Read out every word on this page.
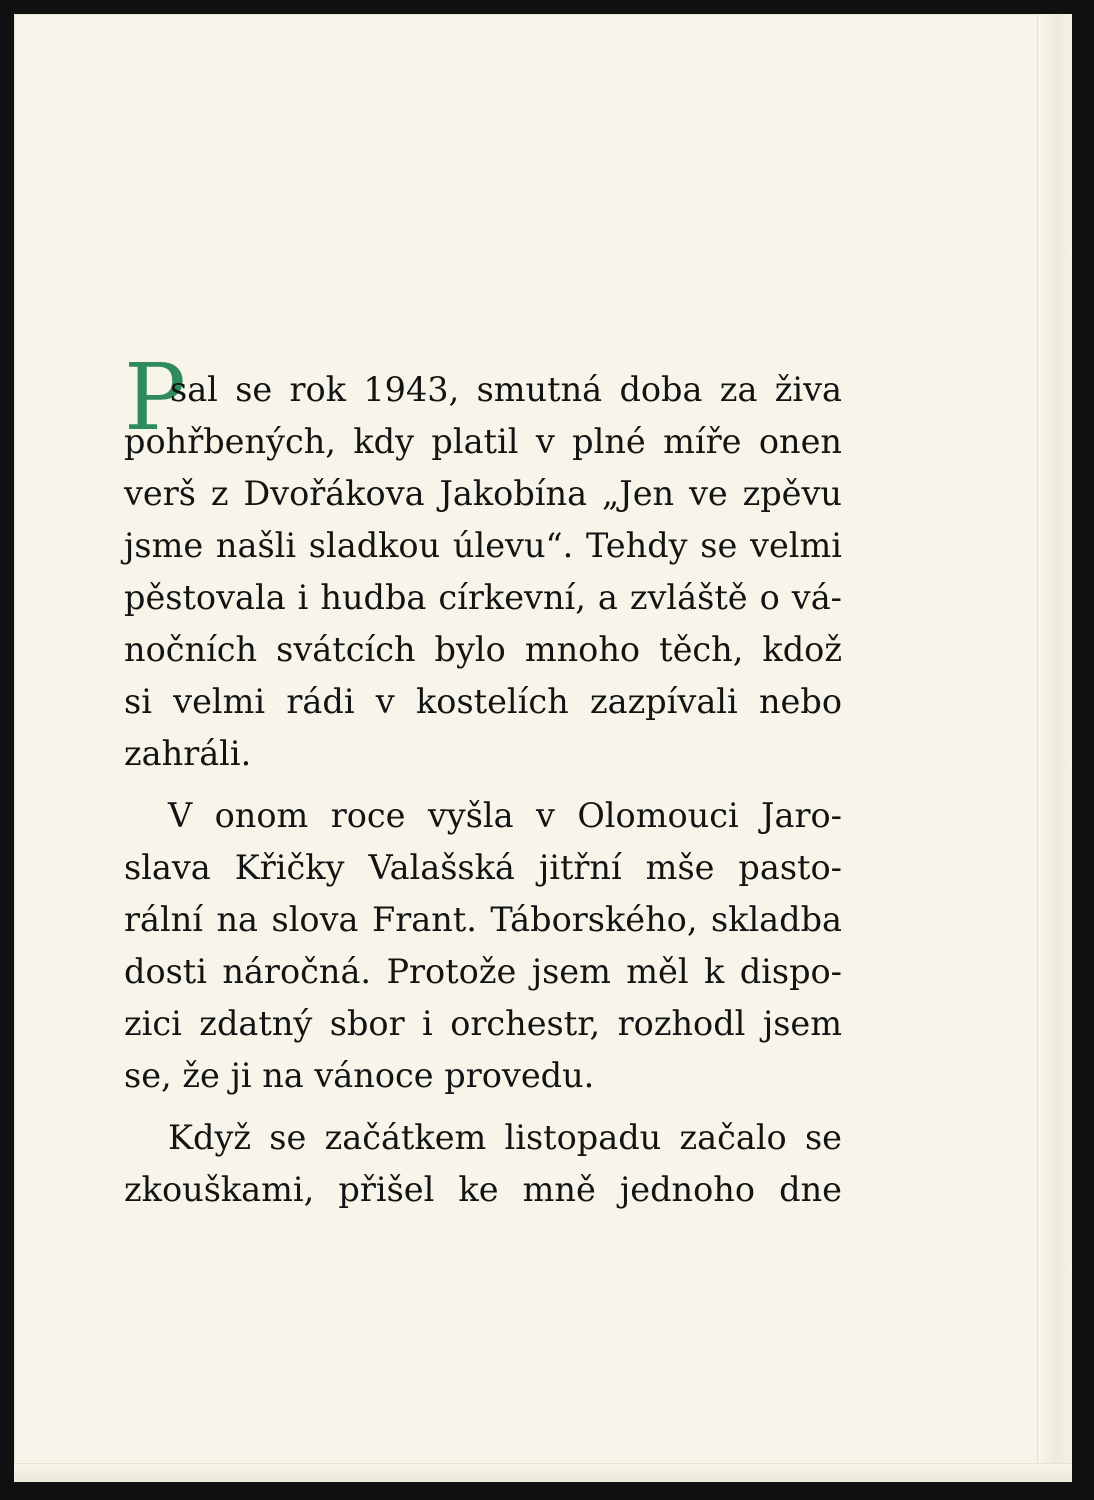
P
sal se rok 1943, smutná doba za živa
pohřbených, kdy platil v plné míře onen
verš z Dvořákova Jakobína „Jen ve zpěvu
jsme našli sladkou úlevu“. Tehdy se velmi
pěstovala i hudba církevní, a zvláště o vá-
nočních svátcích bylo mnoho těch, kdož
si velmi rádi v kostelích zazpívali nebo
zahráli.
V onom roce vyšla v Olomouci Jaro-
slava Křičky Valašská jitřní mše pasto-
rální na slova Frant. Táborského, skladba
dosti náročná. Protože jsem měl k dispo-
zici zdatný sbor i orchestr, rozhodl jsem
se, že ji na vánoce provedu.
Když se začátkem listopadu začalo se
zkouškami, přišel ke mně jednoho dne
